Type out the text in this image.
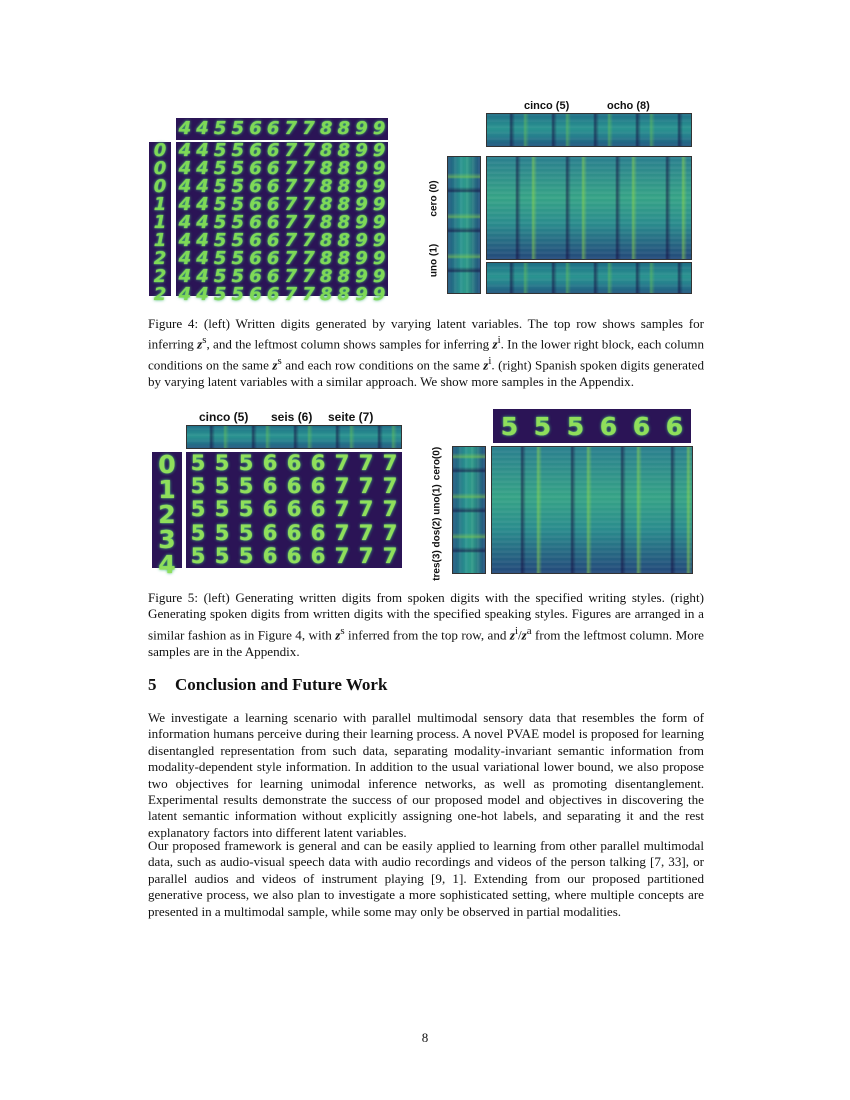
4 4 5 5 6 6 7 7 8 8 9 9
0
0
0
1
1
1
2
2
2
4 4 5 5 6 6 7 7 8 8 9 9
4 4 5 5 6 6 7 7 8 8 9 9
4 4 5 5 6 6 7 7 8 8 9 9
4 4 5 5 6 6 7 7 8 8 9 9
4 4 5 5 6 6 7 7 8 8 9 9
4 4 5 5 6 6 7 7 8 8 9 9
4 4 5 5 6 6 7 7 8 8 9 9
4 4 5 5 6 6 7 7 8 8 9 9
4 4 5 5 6 6 7 7 8 8 9 9
cinco (5)	ocho (8)
cero (0)
uno (1)
Figure 4: (left) Written digits generated by varying latent variables. The top row shows samples for inferring $z^s$, and the leftmost column shows samples for inferring $z^i$. In the lower right block, each column conditions on the same $z^s$ and each row conditions on the same $z^i$. (right) Spanish spoken digits generated by varying latent variables with a similar approach. We show more samples in the Appendix.
cinco (5) seis (6) seite (7)
0
1
2
3
4
5 5 5 6 6 6 7 7 7
5 5 5 6 6 6 7 7 7
5 5 5 6 6 6 7 7 7
5 5 5 6 6 6 7 7 7
5 5 5 6 6 6 7 7 7
5 5 5 6 6 6
cero(0)
uno(1)
dos(2)
tres(3)
Figure 5: (left) Generating written digits from spoken digits with the specified writing styles. (right) Generating spoken digits from written digits with the specified speaking styles. Figures are arranged in a similar fashion as in Figure 4, with $z^s$ inferred from the top row, and $z^i/z^a$ from the leftmost column. More samples are in the Appendix.
5 Conclusion and Future Work

We investigate a learning scenario with parallel multimodal sensory data that resembles the form of information humans perceive during their learning process. A novel PVAE model is proposed for learning disentangled representation from such data, separating modality-invariant semantic information from modality-dependent style information. In addition to the usual variational lower bound, we also propose two objectives for learning unimodal inference networks, as well as promoting disentanglement. Experimental results demonstrate the success of our proposed model and objectives in discovering the latent semantic information without explicitly assigning one-hot labels, and separating it and the rest explanatory factors into different latent variables.

Our proposed framework is general and can be easily applied to learning from other parallel multimodal data, such as audio-visual speech data with audio recordings and videos of the person talking [7, 33], or parallel audios and videos of instrument playing [9, 1]. Extending from our proposed partitioned generative process, we also plan to investigate a more sophisticated setting, where multiple concepts are presented in a multimodal sample, while some may only be observed in partial modalities.

8
